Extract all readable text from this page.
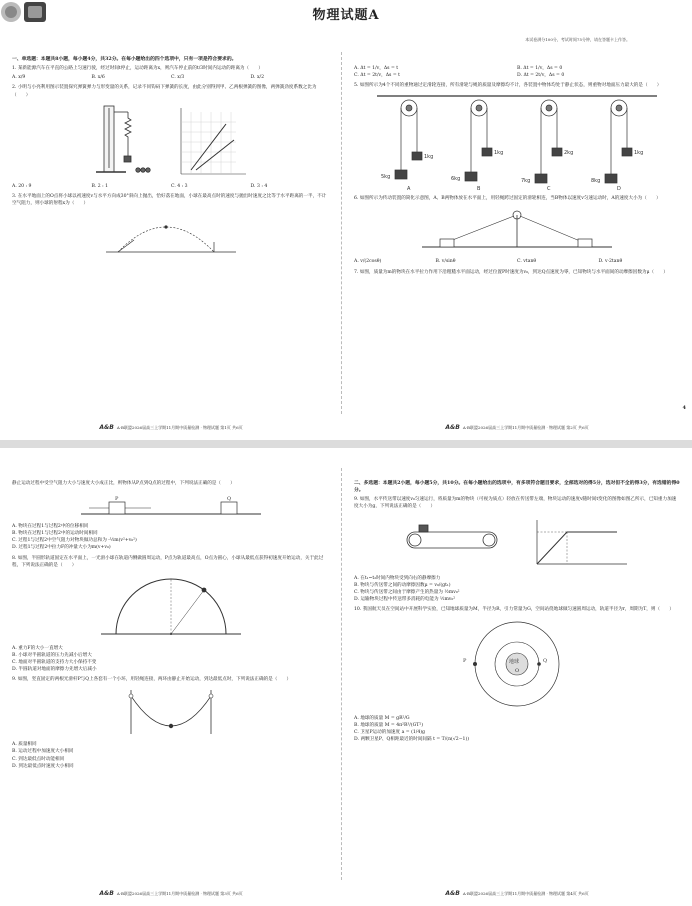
物理试题A
本试卷满分100分，考试时间75分钟，请在答题卡上作答。
4
一、单选题：本题共8小题，每小题4分，共32分。在每小题给出的四个选项中，只有一项是符合要求的。
1. 某新能源汽车在平直的公路上匀速行驶，经过时间t停止，运动距离为x，则汽车停止前的t/3时间内运动的距离为（　　）
A. x/9	B. x/6	C. x/3	D. x/2
2. 小明与小亮利用图示装置探究弹簧弹力与形变量的关系，记录不同钩码下弹簧的长度，由此分别得到甲、乙两根弹簧的图像，两弹簧劲度系数之比为（　　）
A. 20 : 9	B. 2 : 1	C. 4 : 3	D. 3 : 4
3. 在水平地面上的O点将小球以初速度v与水平方向成30°斜向上抛出，恰好落在地面，小球在最高点时的速度与抛出时速度之比等于水平距离的一半，不计空气阻力，则小球的射程x为（　　）
A&B A·B联盟2026届高三上学期11月期中质量检测 · 物理试题 第1页 共6页
A. Δt = 1/v，Δs = t	B. Δt = 1/v，Δs = 0
C. Δt = 2t/v，Δs = t	D. Δt = 2t/v，Δs = 0
5. 如图所示为4个不同的重物通过定滑轮连接，所有滑轮与绳的质量及摩擦均不计，各装置中物体均处于静止状态，则重物对地面压力最大的是（　　）
5kg
1kg
6kg
1kg
7kg
2kg
8kg
1kg
A	B	C	D
6. 如图所示为传动装置的简化示意图，A、B两物体放在水平面上，用轻绳跨过固定的滑轮相连，当B物体以速度v匀速运动时，A的速度大小为（　　）
A. v/(2cosθ)	B. v/sinθ	C. vtanθ	D. v·2tanθ
7. 如图，质量为m的物块在水平拉力作用下沿粗糙水平面运动，经过位置P时速度为v₀，到达Q点速度为零，已知物块与水平面间的动摩擦因数为μ（　　）
A&B A·B联盟2026届高三上学期11月期中质量检测 · 物理试题 第2页 共6页
静止运动过程中受空气阻力大小与速度大小成正比，则物体从P点到Q点的过程中，下列说法正确的是（　　）
P	Q
A. 物块在过程1与过程2中的位移相同
B. 物块在过程1与过程2中的运动时间相同
C. 过程1与过程2中空气阻力对物块做功总和为 -½m(v²+v₀²)
D. 过程1与过程2中拉力F的冲量大小为m(v+v₀)
8. 如图，半圆形轨道固定在水平面上，一光滑小球在轨道内侧做圆周运动，P点为轨道最高点，O点为圆心，小球从最低点获得初速度开始运动，关于此过程，下列说法正确的是（　　）
A. 重力F的大小一直增大
B. 小球对半圆轨道的压力先减小后增大
C. 地面对半圆轨道的支持力大小保持不变
D. 半圆轨道对地面的摩擦力先增大后减小
9. 如图，竖直固定的两根光滑杆P与Q上各套有一个小环，用轻绳连接，两环由静止开始运动，到达最低点时，下列说法正确的是（　　）
A. 质量相同
B. 运动过程中加速度大小相同
C. 到达最低点时动能相同
D. 到达最低点时速度大小相同
A&B A·B联盟2026届高三上学期11月期中质量检测 · 物理试题 第3页 共6页
二、多选题：本题共2小题，每小题5分，共10分。在每小题给出的选项中，有多项符合题目要求，全部选对的得5分，选对但不全的得3分，有选错的得0分。
9. 如图，水平传送带以速度v₀匀速运行，将质量为m的物块（可视为质点）轻放在传送带左端，物块运动的速度v随时间t变化的图像如图乙所示，已知重力加速度大小为g，下列说法正确的是（　　）
A. 在t₁~t₂时间内物块受到向右的静摩擦力
B. 物块与传送带之间的动摩擦因数μ = v₀/(gt₁)
C. 物块与传送带之间由于摩擦产生的热量为 ½mv₀²
D. 运输物块过程中传送带多消耗的电能为 ½mv₀²
10. 我国航天员在空间站中开展科学实验，已知地球质量为M，半径为R，引力常量为G，空间站绕地球做匀速圆周运动，轨道半径为r，周期为T，则（　　）
P	地球
O
Q
A. 地球的质量 M = gR²/G
B. 地球的质量 M = 4π²R³/(GT²)
C. 卫星P运动的加速度 a = (1/4)g
D. 两颗卫星P、Q相距最近的时间间隔 t = T/(n(√2−1))
A&B A·B联盟2026届高三上学期11月期中质量检测 · 物理试题 第4页 共6页
